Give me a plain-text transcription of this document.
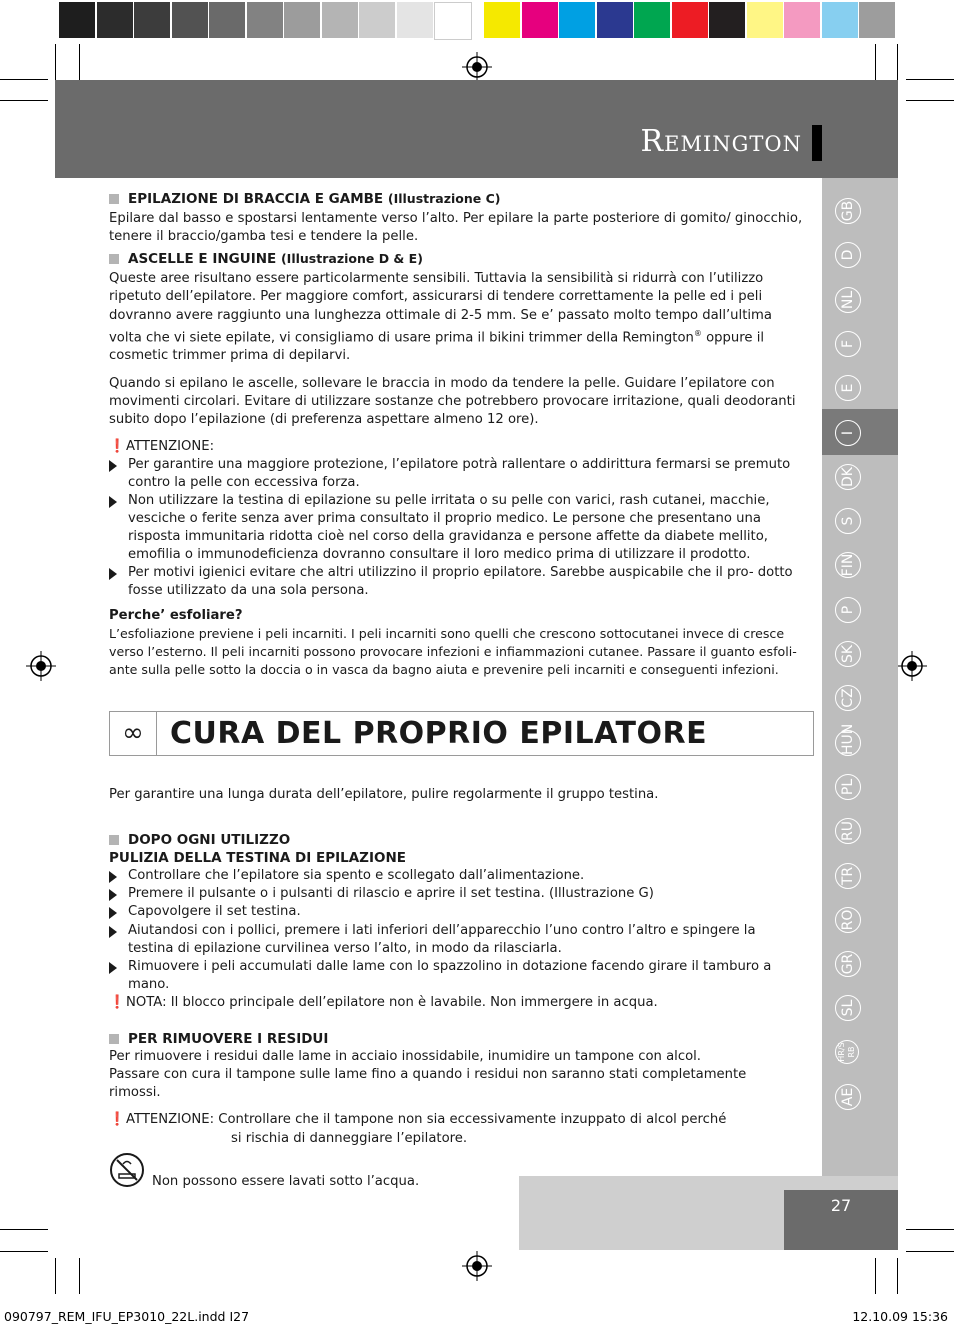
Remington
GB
D
NL
F
E
I
DK
S
FIN
P
SK
CZ
HUN
PL
RU
TR
RO
GR
SL
HR/SRB
AE
EPILAZIONE DI BRACCIA E GAMBE
(Illustrazione C)

Epilare dal basso e spostarsi lentamente verso l’alto. Per epilare la parte posteriore di gomito/ ginocchio, tenere il braccio/gamba tesi e tendere la pelle.

ASCELLE E INGUINE
(Illustrazione D & E)

Queste aree risultano essere particolarmente sensibili. Tuttavia la sensibilità si ridurrà con l’utilizzo ripetuto dell’epilatore. Per maggiore comfort, assicurarsi di tendere correttamente la pelle ed i peli dovranno avere raggiunto una lunghezza ottimale di 2-5 mm. Se e’ passato molto tempo dall’ultima volta che vi siete epilate, vi consigliamo di usare prima il bikini trimmer della Remington® oppure il cosmetic trimmer prima di depilarvi.

Quando si epilano le ascelle, sollevare le braccia in modo da tendere la pelle. Guidare l’epilatore con movimenti circolari. Evitare di utilizzare sostanze che potrebbero provocare irritazione, quali deodoranti subito dopo l’epilazione (di preferenza aspettare almeno 12 ore).

❗ATTENZIONE:

Per garantire una maggiore protezione, l’epilatore potrà rallentare o addirittura fermarsi se premuto contro la pelle con eccessiva forza.
Non utilizzare la testina di epilazione su pelle irritata o su pelle con varici, rash cutanei, macchie, vesciche o ferite senza aver prima consultato il proprio medico. Le persone che presentano una risposta immunitaria ridotta cioè nel corso della gravidanza e persone affette da diabete mellito, emofilia o immunodeficienza dovranno consultare il loro medico prima di utilizzare il prodotto.
Per motivi igienici evitare che altri utilizzino il proprio epilatore. Sarebbe auspicabile che il pro- dotto fosse utilizzato da una sola persona.

Perche’ esfoliare?

L’esfoliazione previene i peli incarniti. I peli incarniti sono quelli che crescono sottocutanei invece di cresce verso l’esterno. Il peli incarniti possono provocare infezioni e infiammazioni cutanee. Passare il guanto esfoli- ante sulla pelle sotto la doccia o in vasca da bagno aiuta e prevenire peli incarniti e conseguenti infezioni.

∞ CURA DEL PROPRIO EPILATORE

Per garantire una lunga durata dell’epilatore, pulire regolarmente il gruppo testina.

DOPO OGNI UTILIZZO

PULIZIA DELLA TESTINA DI EPILAZIONE

Controllare che l’epilatore sia spento e scollegato dall’alimentazione.
Premere il pulsante o i pulsanti di rilascio e aprire il set testina. (Illustrazione G)
Capovolgere il set testina.
Aiutandosi con i pollici, premere i lati inferiori dell’apparecchio l’uno contro l’altro e spingere la testina di epilazione curvilinea verso l’alto, in modo da rilasciarla.
Rimuovere i peli accumulati dalle lame con lo spazzolino in dotazione facendo girare il tamburo a mano.

❗NOTA: Il blocco principale dell’epilatore non è lavabile. Non immergere in acqua.

PER RIMUOVERE I RESIDUI

Per rimuovere i residui dalle lame in acciaio inossidabile, inumidire un tampone con alcol. Passare con cura il tampone sulle lame fino a quando i residui non saranno stati completamente rimossi.

❗ATTENZIONE: Controllare che il tampone non sia eccessivamente inzuppato di alcol perché

si rischia di danneggiare l’epilatore.

Non possono essere lavati sotto l’acqua.
27
090797_REM_IFU_EP3010_22L.indd I27	12.10.09 15:36
